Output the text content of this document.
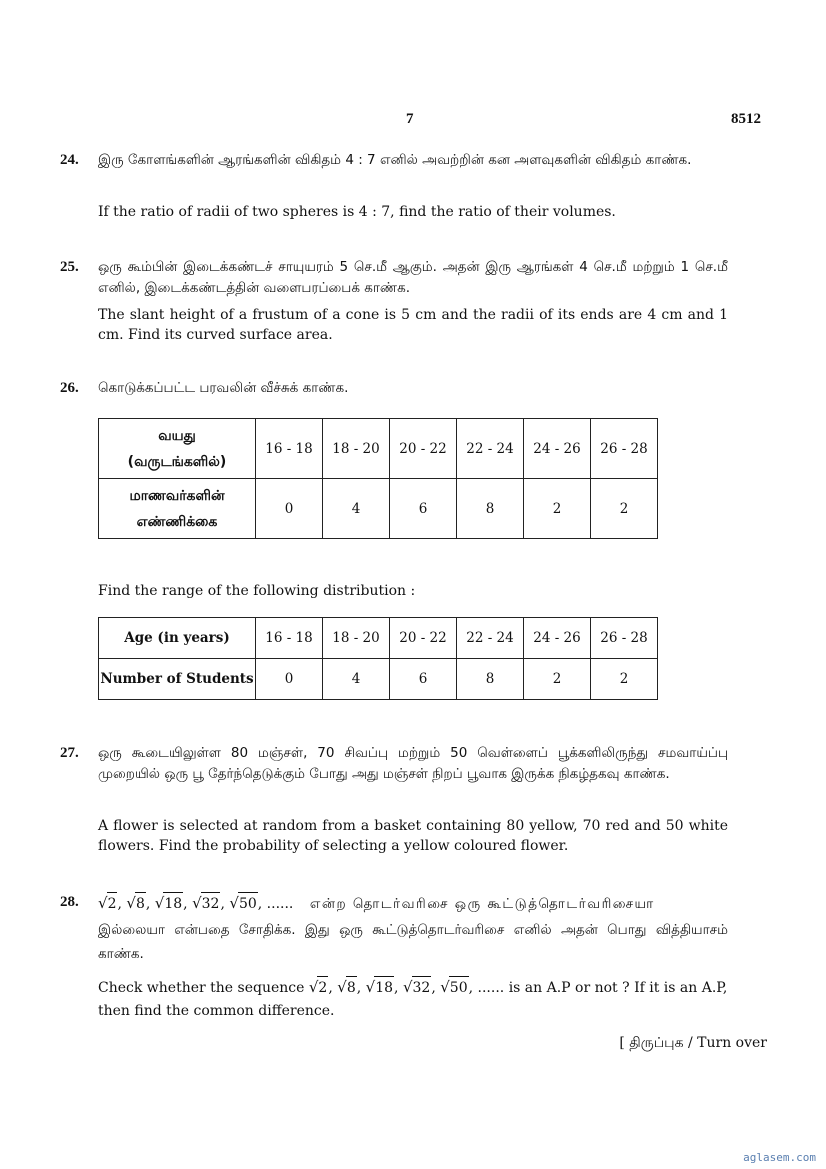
7	8512
24. இரு கோளங்களின் ஆரங்களின் விகிதம் 4 : 7 எனில் அவற்றின் கன அளவுகளின் விகிதம் காண்க.
If the ratio of radii of two spheres is 4 : 7, find the ratio of their volumes.
25. ஒரு கூம்பின் இடைக்கண்டச் சாயுயரம் 5 செ.மீ ஆகும். அதன் இரு ஆரங்கள் 4 செ.மீ மற்றும் 1 செ.மீ எனில், இடைக்கண்டத்தின் வளைபரப்பைக் காண்க.
The slant height of a frustum of a cone is 5 cm and the radii of its ends are 4 cm and 1 cm. Find its curved surface area.
26. கொடுக்கப்பட்ட பரவலின் வீச்சுக் காண்க.
வயது
(வருடங்களில்)	16 - 18	18 - 20	20 - 22	22 - 24	24 - 26	26 - 28

மாணவர்களின்
எண்ணிக்கை	0	4	6	8	2	2
Find the range of the following distribution :
Age (in years)	16 - 18	18 - 20	20 - 22	22 - 24	24 - 26	26 - 28
Number of Students	0	4	6	8	2	2
27. ஒரு கூடையிலுள்ள 80 மஞ்சள், 70 சிவப்பு மற்றும் 50 வெள்ளைப் பூக்களிலிருந்து சமவாய்ப்பு முறையில் ஒரு பூ தேர்ந்தெடுக்கும் போது அது மஞ்சள் நிறப் பூவாக இருக்க நிகழ்தகவு காண்க.
A flower is selected at random from a basket containing 80 yellow, 70 red and 50 white flowers. Find the probability of selecting a yellow coloured flower.
28. √2, √8, √18, √32, √50, ...... என்ற தொடர்வரிசை ஒரு கூட்டுத்தொடர்வரிசையா
இல்லையா என்பதை சோதிக்க. இது ஒரு கூட்டுத்தொடர்வரிசை எனில் அதன் பொது வித்தியாசம் காண்க.
Check whether the sequence √2, √8, √18, √32, √50, ...... is an A.P or not ? If it is an A.P,
then find the common difference.
[ திருப்புக / Turn over
aglasem.com
